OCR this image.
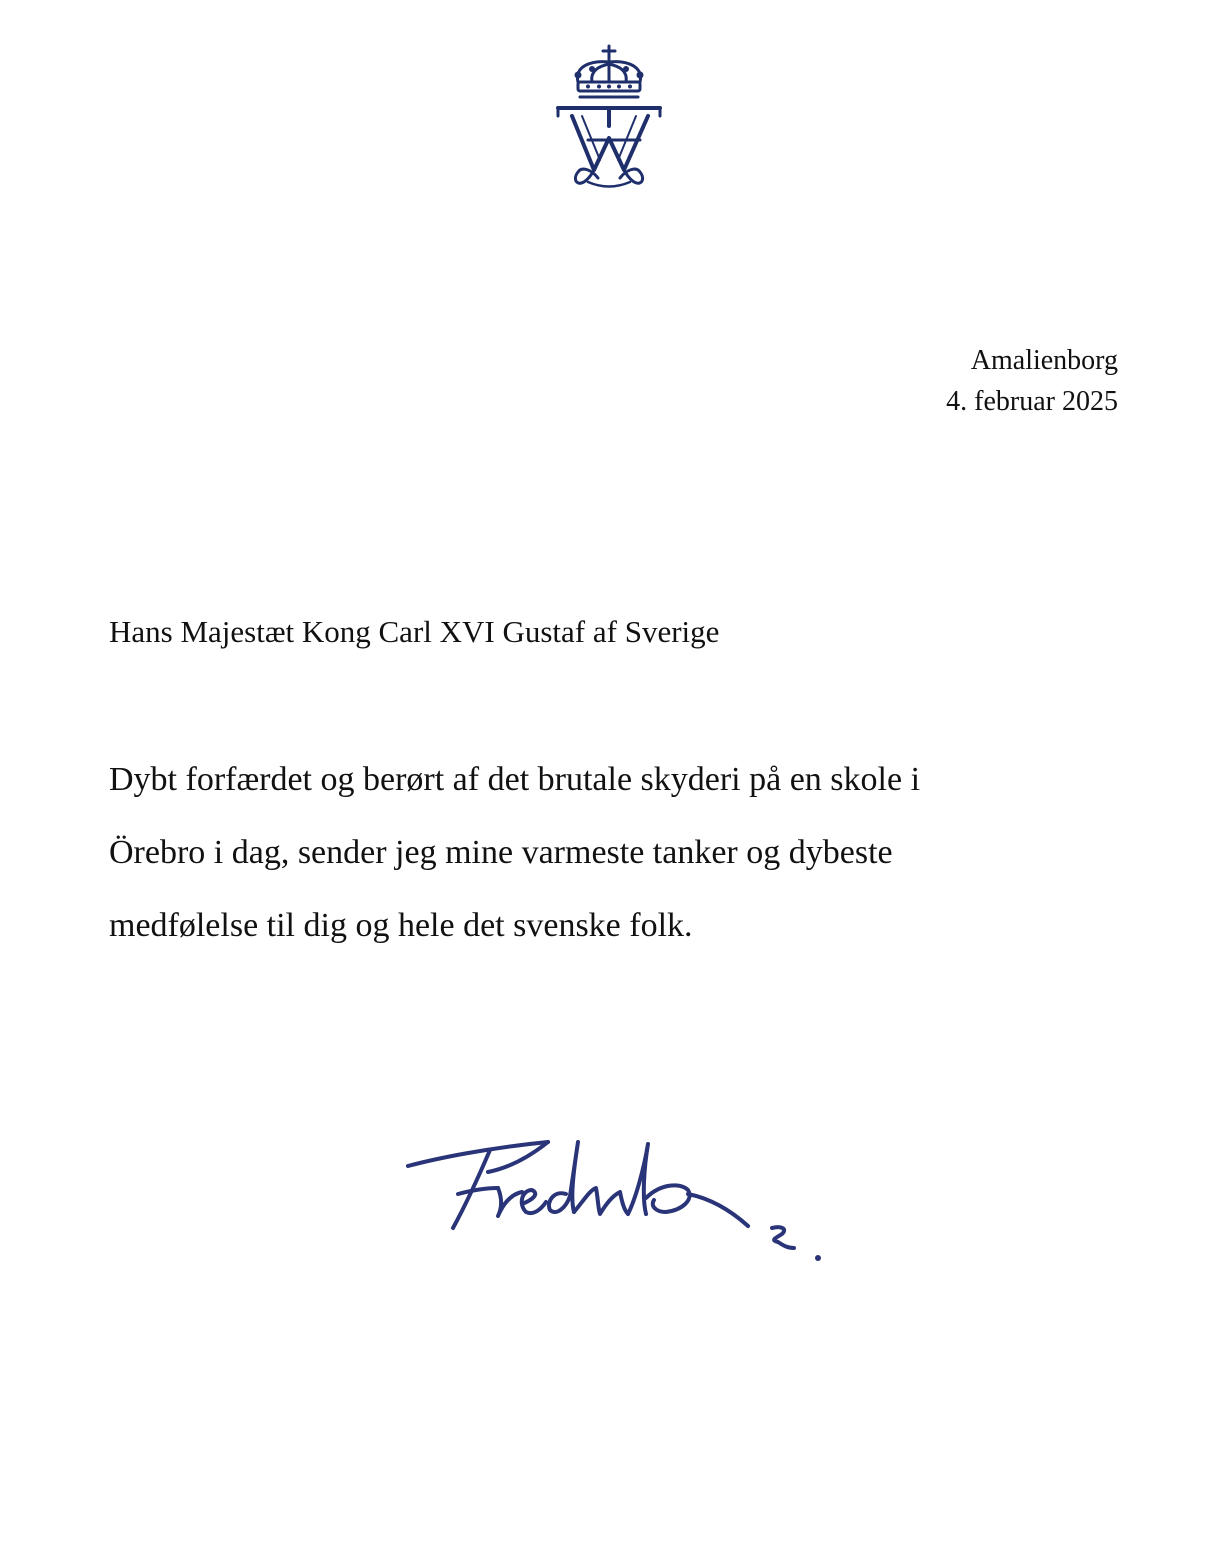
Amalienborg
4. februar 2025
Hans Majestæt Kong Carl XVI Gustaf af Sverige

Dybt forfærdet og berørt af det brutale skyderi på en skole i

Örebro i dag, sender jeg mine varmeste tanker og dybeste

medfølelse til dig og hele det svenske folk.
